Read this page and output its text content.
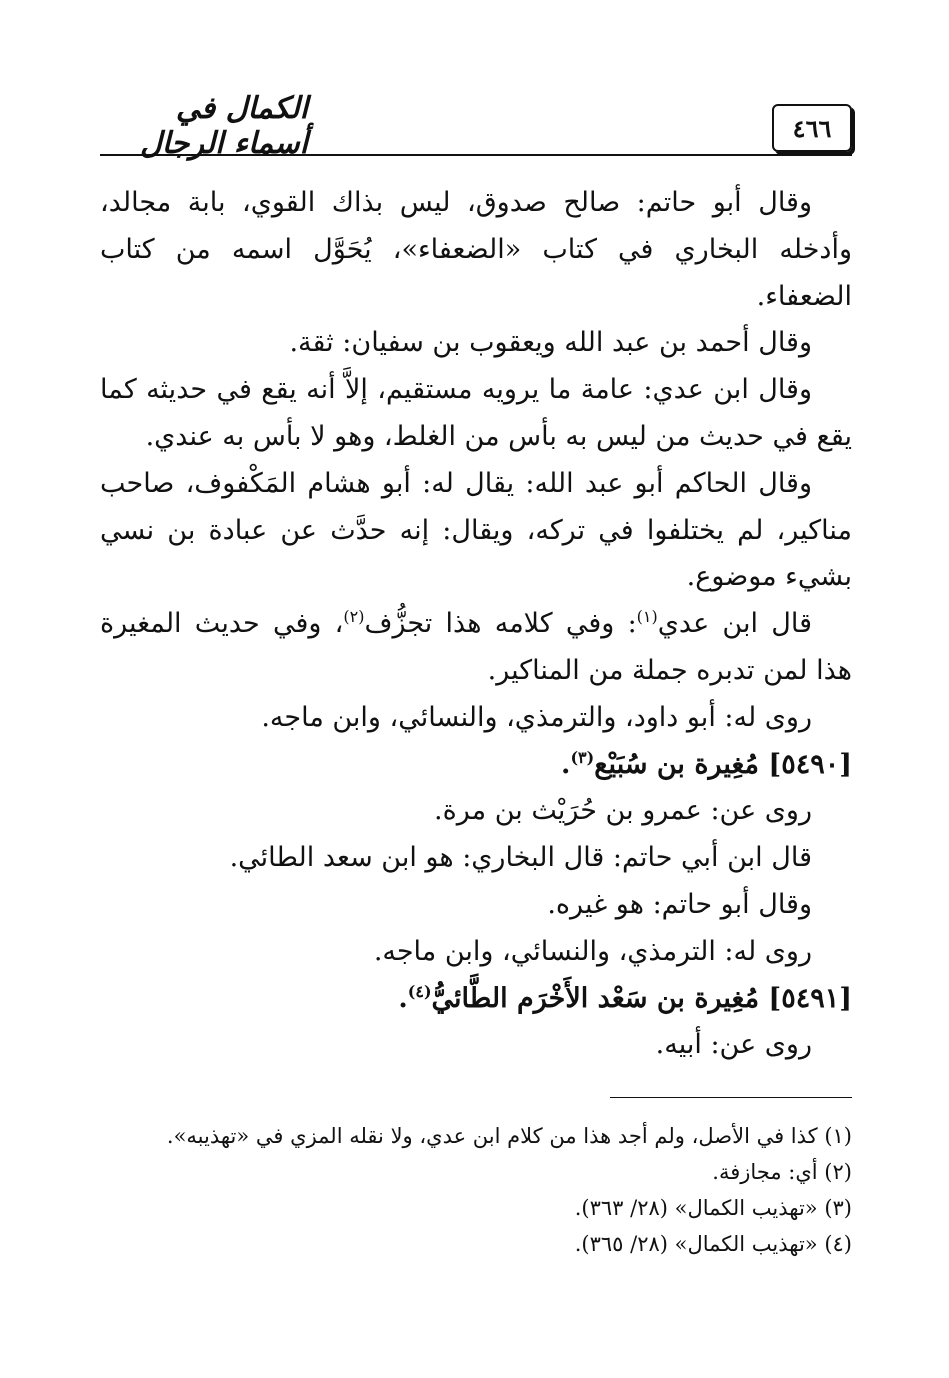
٤٦٦
الكمال في أسماء الرجال

وقال أبو حاتم: صالح صدوق، ليس بذاك القوي، بابة مجالد، وأدخله البخاري في كتاب «الضعفاء»، يُحَوَّل اسمه من كتاب الضعفاء.

وقال أحمد بن عبد الله ويعقوب بن سفيان: ثقة.

وقال ابن عدي: عامة ما يرويه مستقيم، إلاَّ أنه يقع في حديثه كما يقع في حديث من ليس به بأس من الغلط، وهو لا بأس به عندي.

وقال الحاكم أبو عبد الله: يقال له: أبو هشام المَكْفوف، صاحب مناكير، لم يختلفوا في تركه، ويقال: إنه حدَّث عن عبادة بن نسي بشيء موضوع.

قال ابن عدي$^{(١)}$: وفي كلامه هذا تجزُّف$^{(٢)}$، وفي حديث المغيرة هذا لمن تدبره جملة من المناكير.

روى له: أبو داود، والترمذي، والنسائي، وابن ماجه.

[٥٤٩٠] مُغِيرة بن سُبَيْع$^{(٣)}$.

روى عن: عمرو بن حُرَيْث بن مرة.

قال ابن أبي حاتم: قال البخاري: هو ابن سعد الطائي.

وقال أبو حاتم: هو غيره.

روى له: الترمذي، والنسائي، وابن ماجه.

[٥٤٩١] مُغِيرة بن سَعْد الأَخْرَم الطَّائيُّ$^{(٤)}$.

روى عن: أبيه.

(١) كذا في الأصل، ولم أجد هذا من كلام ابن عدي، ولا نقله المزي في «تهذيبه».

(٢) أي: مجازفة.

(٣) «تهذيب الكمال» (٢٨/ ٣٦٣).

(٤) «تهذيب الكمال» (٢٨/ ٣٦٥).
